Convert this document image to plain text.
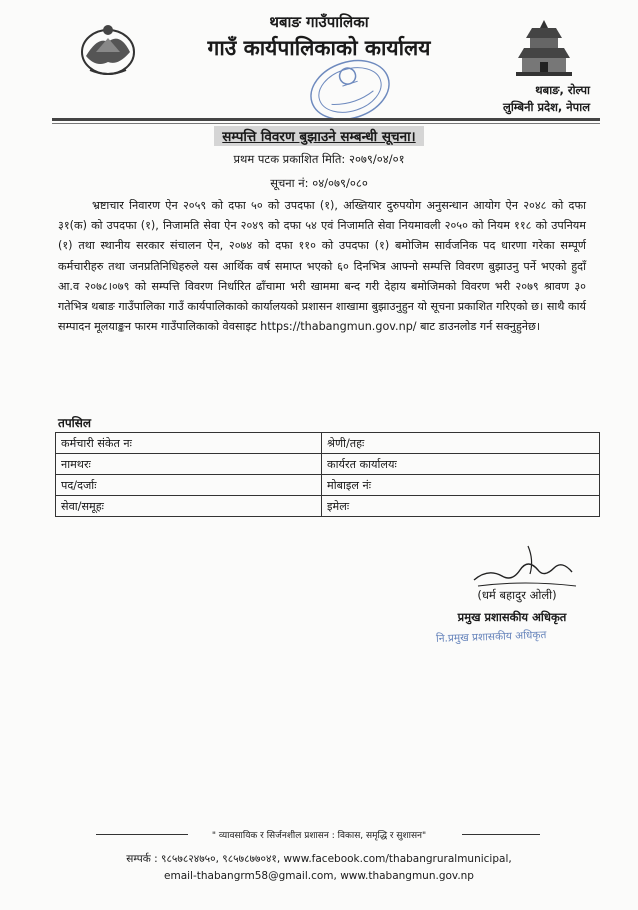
थबाङ गाउँपालिका
गाउँ कार्यपालिकाको कार्यालय
थबाङ, रोल्पा
लुम्बिनी प्रदेश, नेपाल
सम्पत्ति विवरण बुझाउने सम्बन्धी सूचना।
प्रथम पटक प्रकाशित मिति: २०७९/०४/०१
सूचना नं: ०४/०७९/०८०
भ्रष्टाचार निवारण ऐन २०५९ को दफा ५० को उपदफा (१), अख्तियार दुरुपयोग अनुसन्धान आयोग ऐन २०४८ को दफा ३१(क) को उपदफा (१), निजामति सेवा ऐन २०४९ को दफा ५४ एवं निजामति सेवा नियमावली २०५० को नियम ११८ को उपनियम (१) तथा स्थानीय सरकार संचालन ऐन, २०७४ को दफा ११० को उपदफा (१) बमोजिम सार्वजनिक पद धारणा गरेका सम्पूर्ण कर्मचारीहरु तथा जनप्रतिनिधिहरुले यस आर्थिक वर्ष समाप्त भएको ६० दिनभित्र आफ्नो सम्पत्ति विवरण बुझाउनु पर्ने भएको हुदाँ आ.व २०७८।०७९ को सम्पत्ति विवरण निर्धारित ढाँचामा भरी खाममा बन्द गरी देहाय बमोजिमको विवरण भरी २०७९ श्रावण ३० गतेभित्र थबाङ गाउँपालिका गाउँ कार्यपालिकाको कार्यालयको प्रशासन शाखामा बुझाउनुहुन यो सूचना प्रकाशित गरिएको छ। साथै कार्य सम्पादन मूलयाङ्कन फारम गाउँपालिकाको वेवसाइट https://thabangmun.gov.np/ बाट डाउनलोड गर्न सक्नुहुनेछ।
तपसिल
कर्मचारी संकेत नः	श्रेणी/तहः
नामथरः	कार्यरत कार्यालयः
पद/दर्जाः	मोबाइल नंः
सेवा/समूहः	इमेलः
(धर्म बहादुर ओली)
प्रमुख प्रशासकीय अधिकृत
नि.प्रमुख प्रशासकीय अधिकृत
" व्यावसायिक र सिर्जनशील प्रशासन : विकास, समृद्धि र सुशासन"
सम्पर्क : ९८५७८२४७५०, ९८५७८७७०४१, www.facebook.com/thabangruralmunicipal,
email-thabangrm58@gmail.com, www.thabangmun.gov.np
